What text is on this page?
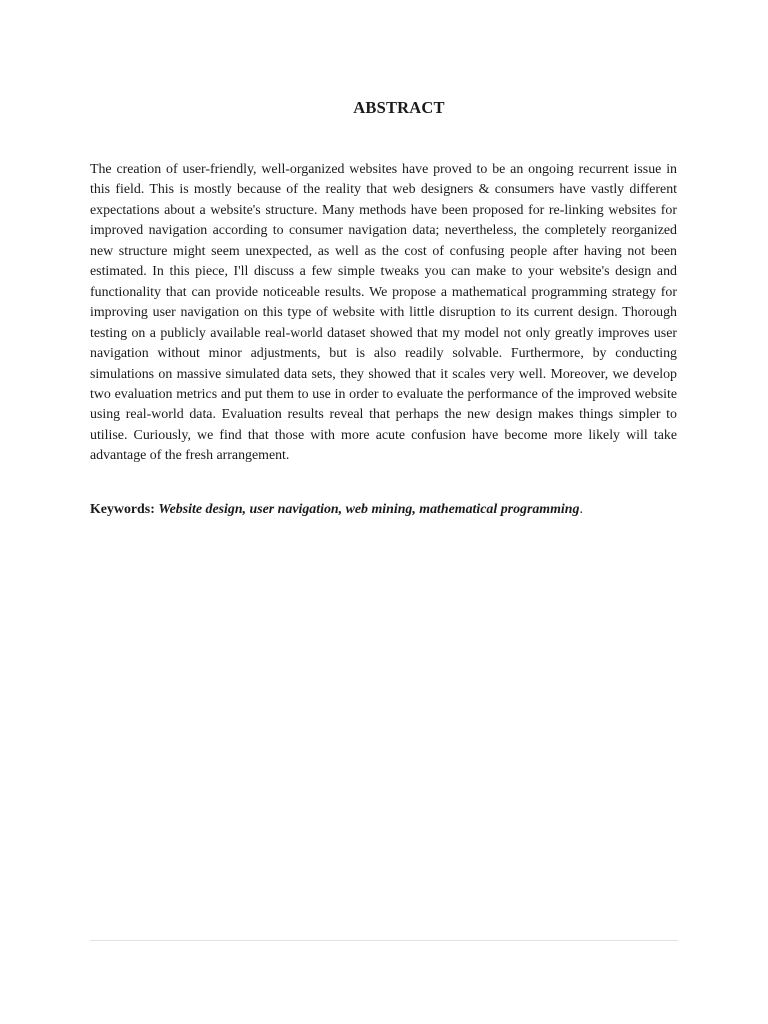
ABSTRACT

The creation of user-friendly, well-organized websites have proved to be an ongoing recurrent issue in this field. This is mostly because of the reality that web designers & consumers have vastly different expectations about a website's structure. Many methods have been proposed for re-linking websites for improved navigation according to consumer navigation data; nevertheless, the completely reorganized new structure might seem unexpected, as well as the cost of confusing people after having not been estimated. In this piece, I'll discuss a few simple tweaks you can make to your website's design and functionality that can provide noticeable results. We propose a mathematical programming strategy for improving user navigation on this type of website with little disruption to its current design. Thorough testing on a publicly available real-world dataset showed that my model not only greatly improves user navigation without minor adjustments, but is also readily solvable. Furthermore, by conducting simulations on massive simulated data sets, they showed that it scales very well. Moreover, we develop two evaluation metrics and put them to use in order to evaluate the performance of the improved website using real-world data. Evaluation results reveal that perhaps the new design makes things simpler to utilise. Curiously, we find that those with more acute confusion have become more likely will take advantage of the fresh arrangement.

Keywords: Website design, user navigation, web mining, mathematical programming.
